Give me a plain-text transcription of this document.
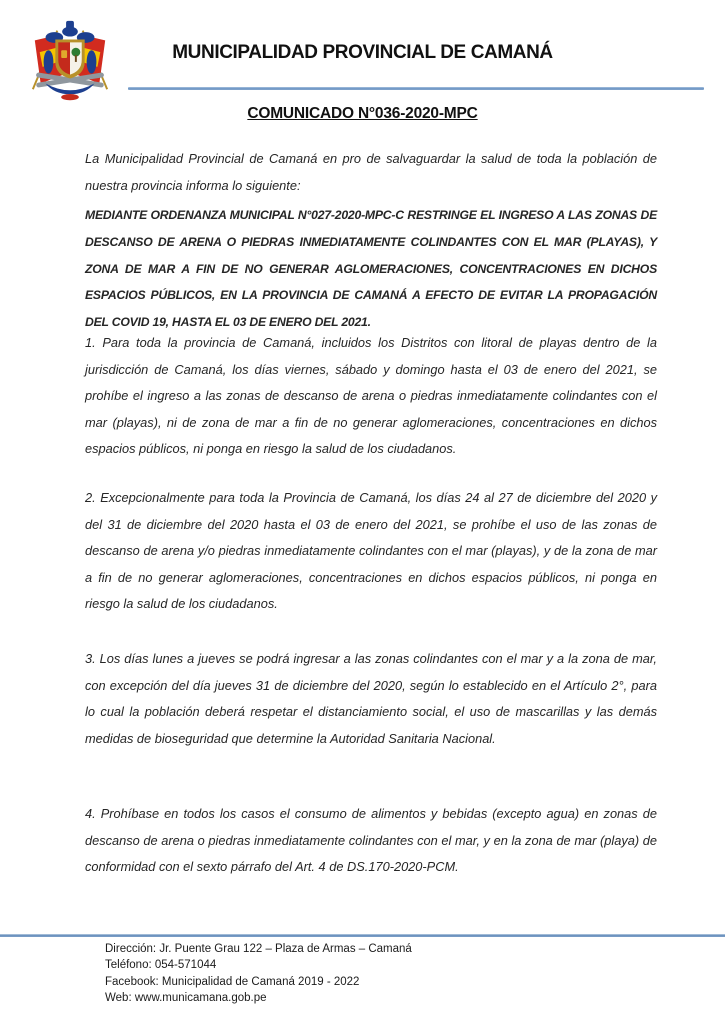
MUNICIPALIDAD PROVINCIAL DE CAMANÁ
COMUNICADO N°036-2020-MPC

La Municipalidad Provincial de Camaná en pro de salvaguardar la salud de toda la población de nuestra provincia informa lo siguiente:

MEDIANTE ORDENANZA MUNICIPAL N°027-2020-MPC-C RESTRINGE EL INGRESO A LAS ZONAS DE DESCANSO DE ARENA O PIEDRAS INMEDIATAMENTE COLINDANTES CON EL MAR (PLAYAS), Y ZONA DE MAR A FIN DE NO GENERAR AGLOMERACIONES, CONCENTRACIONES EN DICHOS ESPACIOS PÚBLICOS, EN LA PROVINCIA DE CAMANÁ A EFECTO DE EVITAR LA PROPAGACIÓN DEL COVID 19, HASTA EL 03 DE ENERO DEL 2021.

1. Para toda la provincia de Camaná, incluidos los Distritos con litoral de playas dentro de la jurisdicción de Camaná, los días viernes, sábado y domingo hasta el 03 de enero del 2021, se prohíbe el ingreso a las zonas de descanso de arena o piedras inmediatamente colindantes con el mar (playas), ni de zona de mar a fin de no generar aglomeraciones, concentraciones en dichos espacios públicos, ni ponga en riesgo la salud de los ciudadanos.

2. Excepcionalmente para toda la Provincia de Camaná, los días 24 al 27 de diciembre del 2020 y del 31 de diciembre del 2020 hasta el 03 de enero del 2021, se prohíbe el uso de las zonas de descanso de arena y/o piedras inmediatamente colindantes con el mar (playas), y de la zona de mar a fin de no generar aglomeraciones, concentraciones en dichos espacios públicos, ni ponga en riesgo la salud de los ciudadanos.

3. Los días lunes a jueves se podrá ingresar a las zonas colindantes con el mar y a la zona de mar, con excepción del día jueves 31 de diciembre del 2020, según lo establecido en el Artículo 2°, para lo cual la población deberá respetar el distanciamiento social, el uso de mascarillas y las demás medidas de bioseguridad que determine la Autoridad Sanitaria Nacional.

4. Prohíbase en todos los casos el consumo de alimentos y bebidas (excepto agua) en zonas de descanso de arena o piedras inmediatamente colindantes con el mar, y en la zona de mar (playa) de conformidad con el sexto párrafo del Art. 4 de DS.170-2020-PCM.

Dirección: Jr. Puente Grau 122 – Plaza de Armas – Camaná
Teléfono: 054-571044
Facebook: Municipalidad de Camaná 2019 - 2022
Web: www.municamana.gob.pe
